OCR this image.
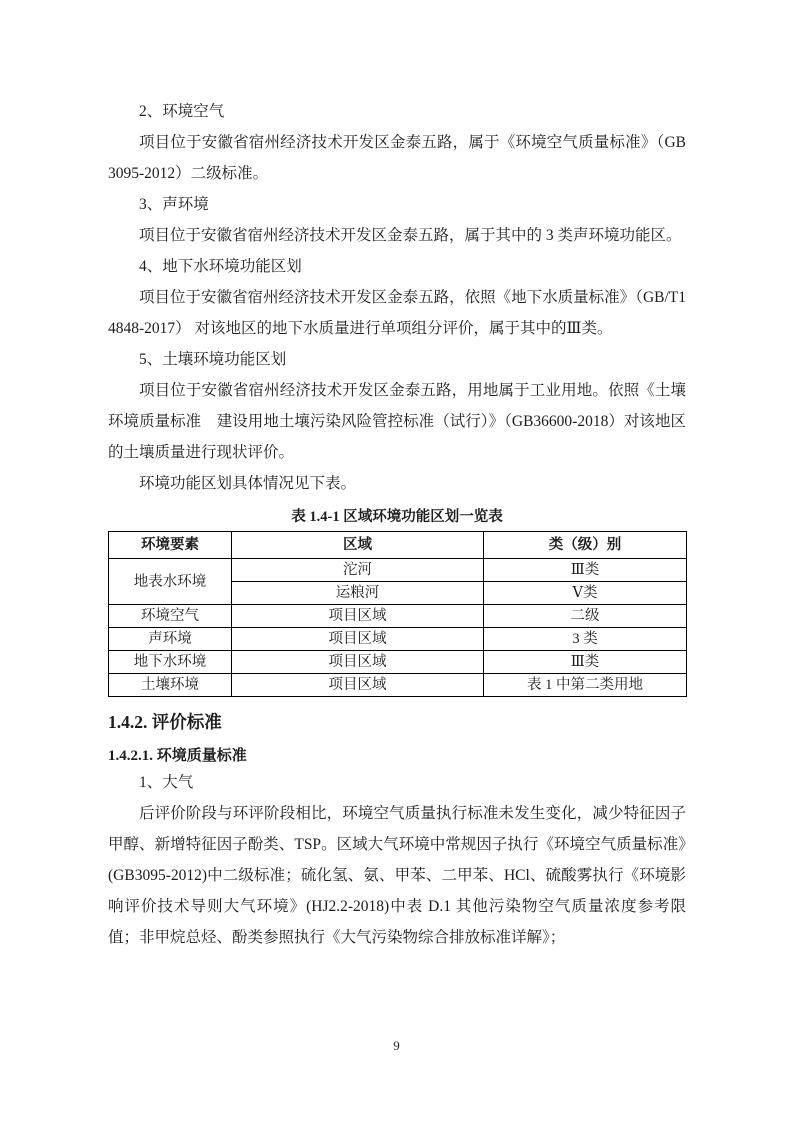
2、环境空气

项目位于安徽省宿州经济技术开发区金泰五路，属于《环境空气质量标准》（GB3095-2012）二级标准。

3、声环境

项目位于安徽省宿州经济技术开发区金泰五路，属于其中的 3 类声环境功能区。

4、地下水环境功能区划

项目位于安徽省宿州经济技术开发区金泰五路，依照《地下水质量标准》（GB/T14848-2017） 对该地区的地下水质量进行单项组分评价，属于其中的Ⅲ类。

5、土壤环境功能区划

项目位于安徽省宿州经济技术开发区金泰五路，用地属于工业用地。依照《土壤环境质量标准　建设用地土壤污染风险管控标准（试行）》（GB36600-2018）对该地区的土壤质量进行现状评价。

环境功能区划具体情况见下表。

表 1.4-1 区域环境功能区划一览表

环境要素	区域	类（级）别
地表水环境	沱河	Ⅲ类
	运粮河	Ⅴ类
环境空气	项目区域	二级
声环境	项目区域	3 类
地下水环境	项目区域	Ⅲ类
土壤环境	项目区域	表 1 中第二类用地
1.4.2. 评价标准
1.4.2.1. 环境质量标准

1、大气

后评价阶段与环评阶段相比，环境空气质量执行标准未发生变化，减少特征因子甲醇、新增特征因子酚类、TSP。区域大气环境中常规因子执行《环境空气质量标准》(GB3095-2012)中二级标准；硫化氢、氨、甲苯、二甲苯、HCl、硫酸雾执行《环境影响评价技术导则大气环境》(HJ2.2-2018)中表 D.1 其他污染物空气质量浓度参考限值；非甲烷总烃、酚类参照执行《大气污染物综合排放标准详解》；

9
